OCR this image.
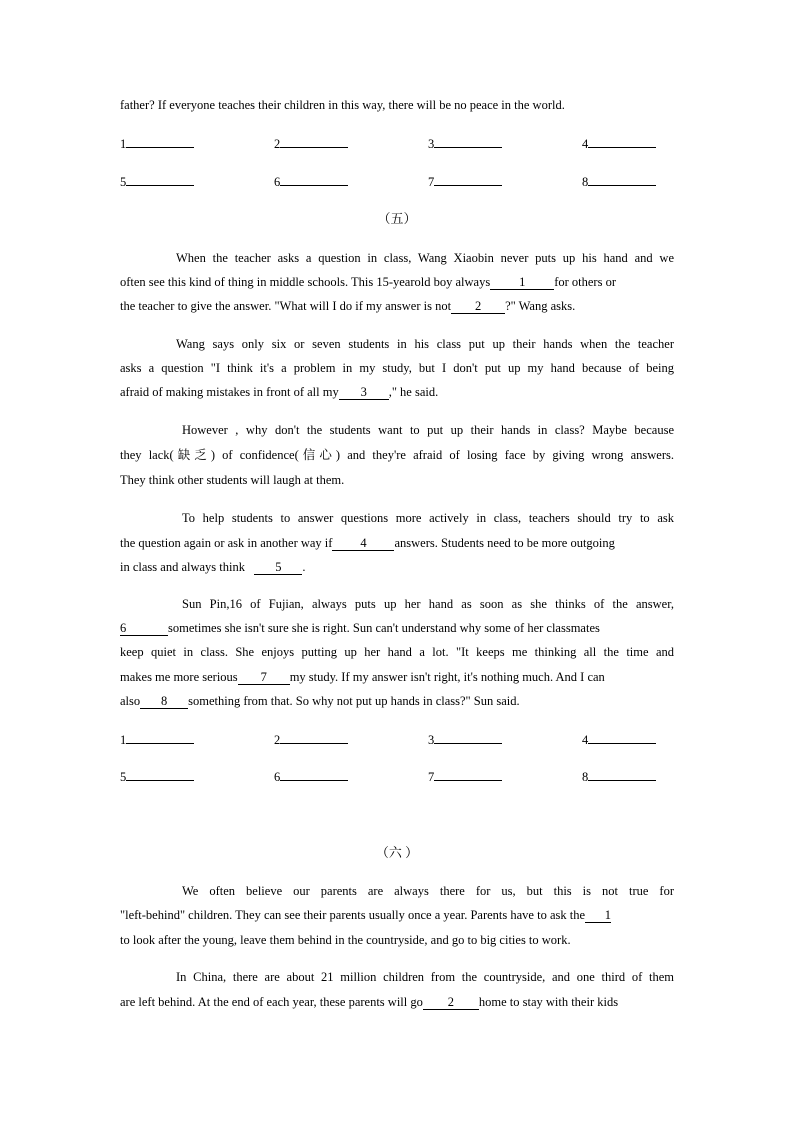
father? If everyone teaches their children in this way, there will be no peace in the world.
1	2	3	4
5	6	7	8
（五）
When the teacher asks a question in class, Wang Xiaobin never puts up his hand and we
often see this kind of thing in middle schools. This 15-yearold boy always 1 for others or
the teacher to give the answer. "What will I do if my answer is not 2 ?" Wang asks.
Wang says only six or seven students in his class put up their hands when the teacher
asks a question "I think it's a problem in my study, but I don't put up my hand because of being
afraid of making mistakes in front of all my 3 ," he said.
However , why don't the students want to put up their hands in class? Maybe because
they lack(缺乏) of confidence(信心) and they're afraid of losing face by giving wrong answers.
They think other students will laugh at them.
To help students to answer questions more actively in class, teachers should try to ask
the question again or ask in another way if 4 answers. Students need to be more outgoing
in class and always think 5 .
Sun Pin,16 of Fujian, always puts up her hand as soon as she thinks of the answer,
6	sometimes she isn't sure she is right. Sun can't understand why some of her classmates
keep quiet in class. She enjoys putting up her hand a lot. "It keeps me thinking all the time and
makes me more serious 7 my study. If my answer isn't right, it's nothing much. And I can
also 8 something from that. So why not put up hands in class?" Sun said.
1	2	3	4
5	6	7	8
（六 ）
We often believe our parents are always there for us, but this is not true for
"left-behind" children. They can see their parents usually once a year. Parents have to ask the 1
to look after the young, leave them behind in the countryside, and go to big cities to work.
In China, there are about 21 million children from the countryside, and one third of them
are left behind. At the end of each year, these parents will go 2 home to stay with their kids
